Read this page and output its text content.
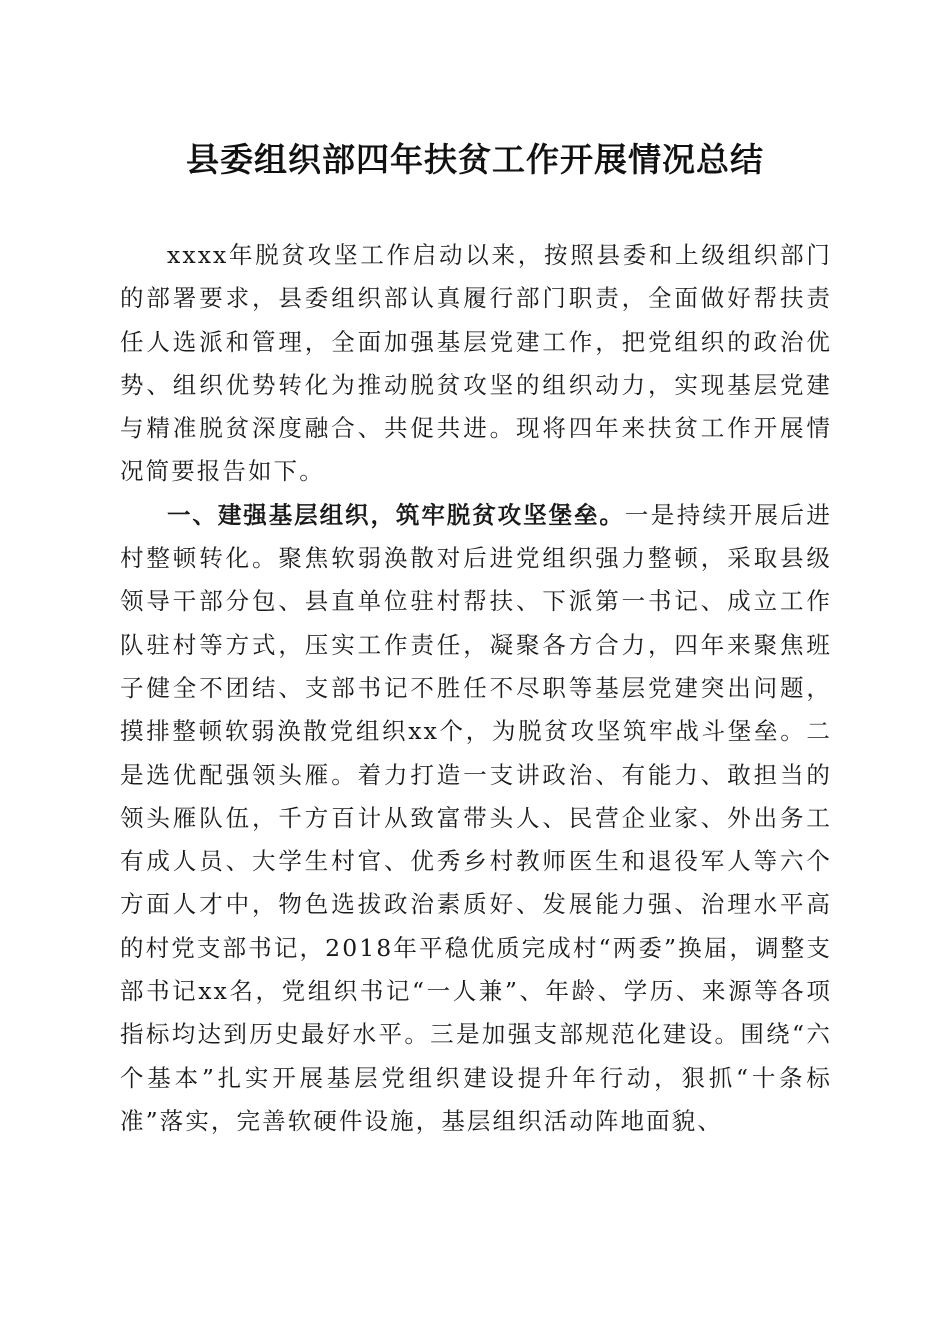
县委组织部四年扶贫工作开展情况总结

xxxx年脱贫攻坚工作启动以来，按照县委和上级组织部门的部署要求，县委组织部认真履行部门职责，全面做好帮扶责任人选派和管理，全面加强基层党建工作，把党组织的政治优势、组织优势转化为推动脱贫攻坚的组织动力，实现基层党建与精准脱贫深度融合、共促共进。现将四年来扶贫工作开展情况简要报告如下。

一、建强基层组织，筑牢脱贫攻坚堡垒。一是持续开展后进村整顿转化。聚焦软弱涣散对后进党组织强力整顿，采取县级领导干部分包、县直单位驻村帮扶、下派第一书记、成立工作队驻村等方式，压实工作责任，凝聚各方合力，四年来聚焦班子健全不团结、支部书记不胜任不尽职等基层党建突出问题，摸排整顿软弱涣散党组织xx个，为脱贫攻坚筑牢战斗堡垒。二是选优配强领头雁。着力打造一支讲政治、有能力、敢担当的领头雁队伍，千方百计从致富带头人、民营企业家、外出务工有成人员、大学生村官、优秀乡村教师医生和退役军人等六个方面人才中，物色选拔政治素质好、发展能力强、治理水平高的村党支部书记，2018年平稳优质完成村“两委”换届，调整支部书记xx名，党组织书记“一人兼”、年龄、学历、来源等各项指标均达到历史最好水平。三是加强支部规范化建设。围绕“六个基本”扎实开展基层党组织建设提升年行动，狠抓“十条标准”落实，完善软硬件设施，基层组织活动阵地面貌、
